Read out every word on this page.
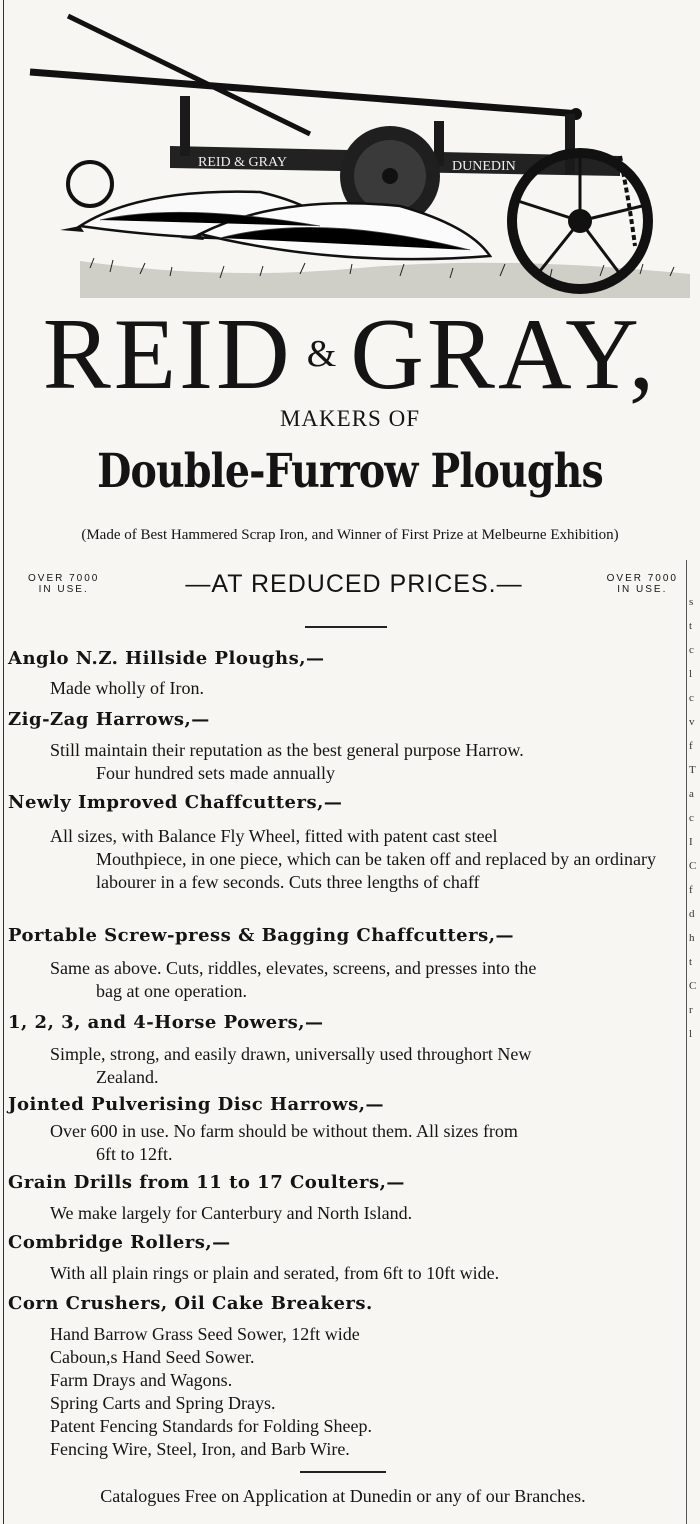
s
t
c
l
c
v
f
T
a
c
I
C
f
d
h
t
C
r
l
REID & GRAY	DUNEDIN
REID & GRAY,
MAKERS OF
Double-Furrow Ploughs
(Made of Best Hammered Scrap Iron, and Winner of First Prize at Melbeurne Exhibition)
OVER 7000
IN USE.	—AT REDUCED PRICES.—	OVER 7000
IN USE.
Anglo N.Z. Hillside Ploughs,—
Made wholly of Iron.
Zig-Zag Harrows,—
Still maintain their reputation as the best general purpose Harrow.
Four hundred sets made annually
Newly Improved Chaffcutters,—
All sizes, with Balance Fly Wheel, fitted with patent cast steel
Mouthpiece, in one piece, which can be taken off and replaced by an ordinary labourer in a few seconds. Cuts three lengths of chaff
Portable Screw-press & Bagging Chaffcutters,—
Same as above. Cuts, riddles, elevates, screens, and presses into the
bag at one operation.
1, 2, 3, and 4-Horse Powers,—
Simple, strong, and easily drawn, universally used throughort New
Zealand.
Jointed Pulverising Disc Harrows,—
Over 600 in use. No farm should be without them. All sizes from
6ft to 12ft.
Grain Drills from 11 to 17 Coulters,—
We make largely for Canterbury and North Island.
Combridge Rollers,—
With all plain rings or plain and serated, from 6ft to 10ft wide.
Corn Crushers, Oil Cake Breakers.
Hand Barrow Grass Seed Sower, 12ft wide
Caboun,s Hand Seed Sower.
Farm Drays and Wagons.
Spring Carts and Spring Drays.
Patent Fencing Standards for Folding Sheep.
Fencing Wire, Steel, Iron, and Barb Wire.
Catalogues Free on Application at Dunedin or any of our Branches.
